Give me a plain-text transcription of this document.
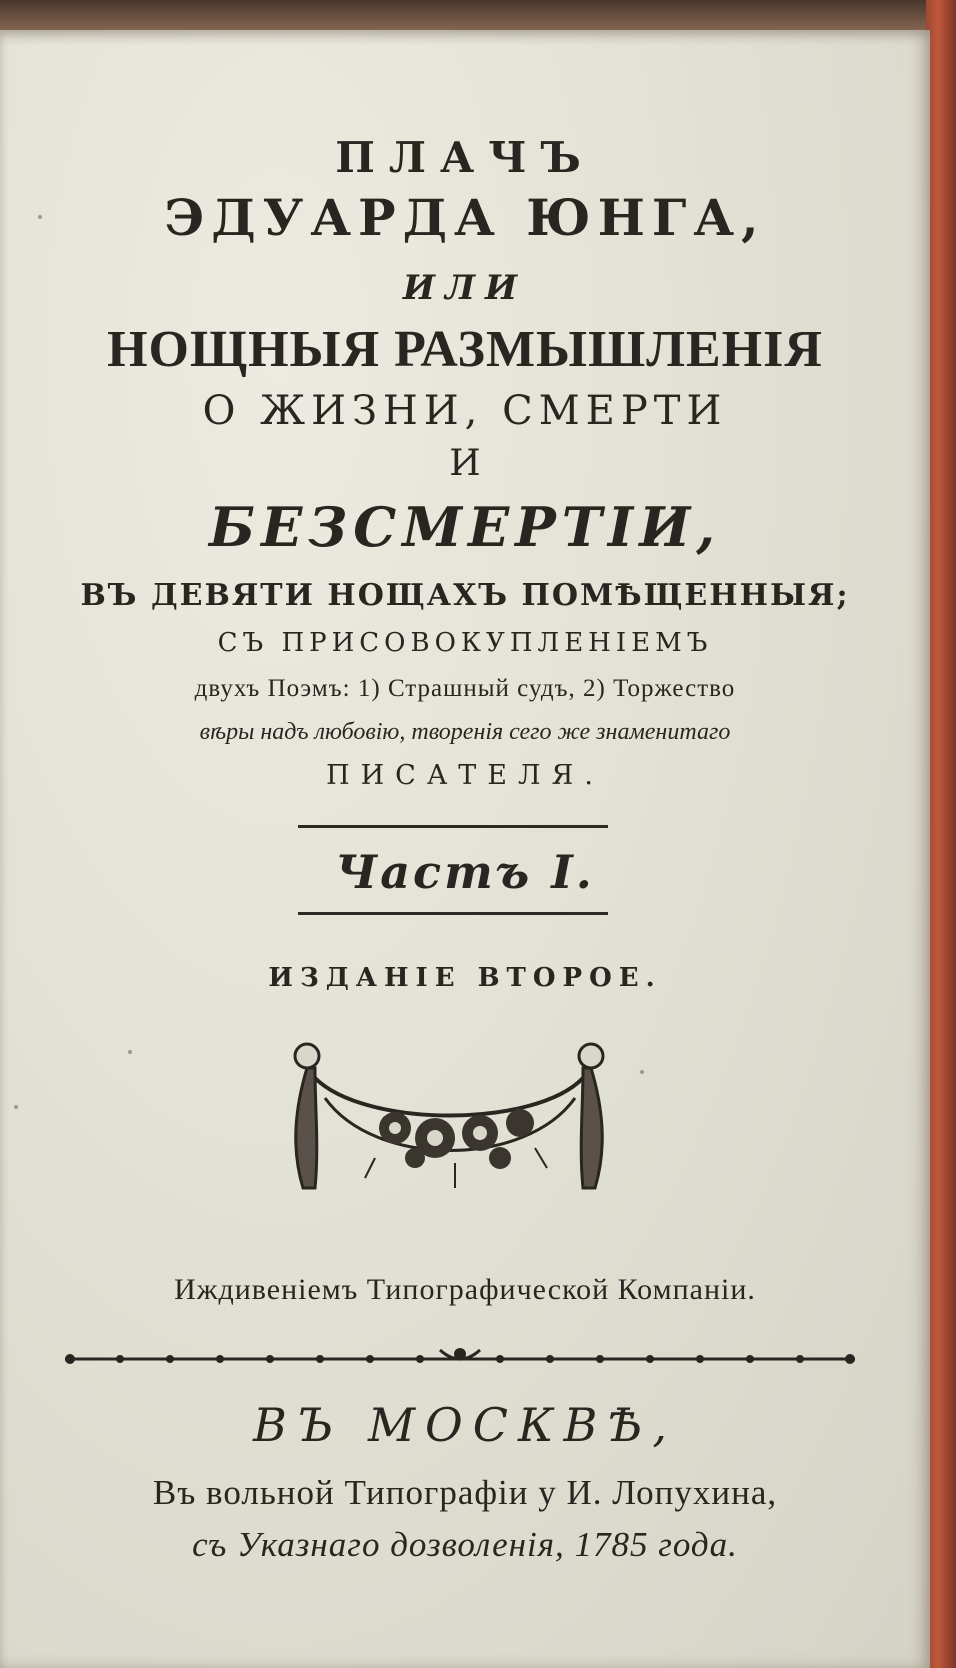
ПЛАЧЪ
ЭДУАРДА ЮНГА,
ИЛИ
НОЩНЫЯ РАЗМЫШЛЕНІЯ
О ЖИЗНИ, СМЕРТИ
И
БЕЗСМЕРТІИ,
ВЪ ДЕВЯТИ НОЩАХЪ ПОМѢЩЕННЫЯ;
СЪ ПРИСОВОКУПЛЕНІЕМЪ
двухъ Поэмъ: 1) Страшный судъ, 2) Торжество
вѣры надъ любовію, творенія сего же знаменитаго
ПИСАТЕЛЯ.
Частъ I.
ИЗДАНІЕ ВТОРОЕ.
Иждивеніемъ Типографической Компаніи.
ВЪ МОСКВѢ,
Въ вольной Типографіи у И. Лопухина,
съ Указнаго дозволенія, 1785 года.
